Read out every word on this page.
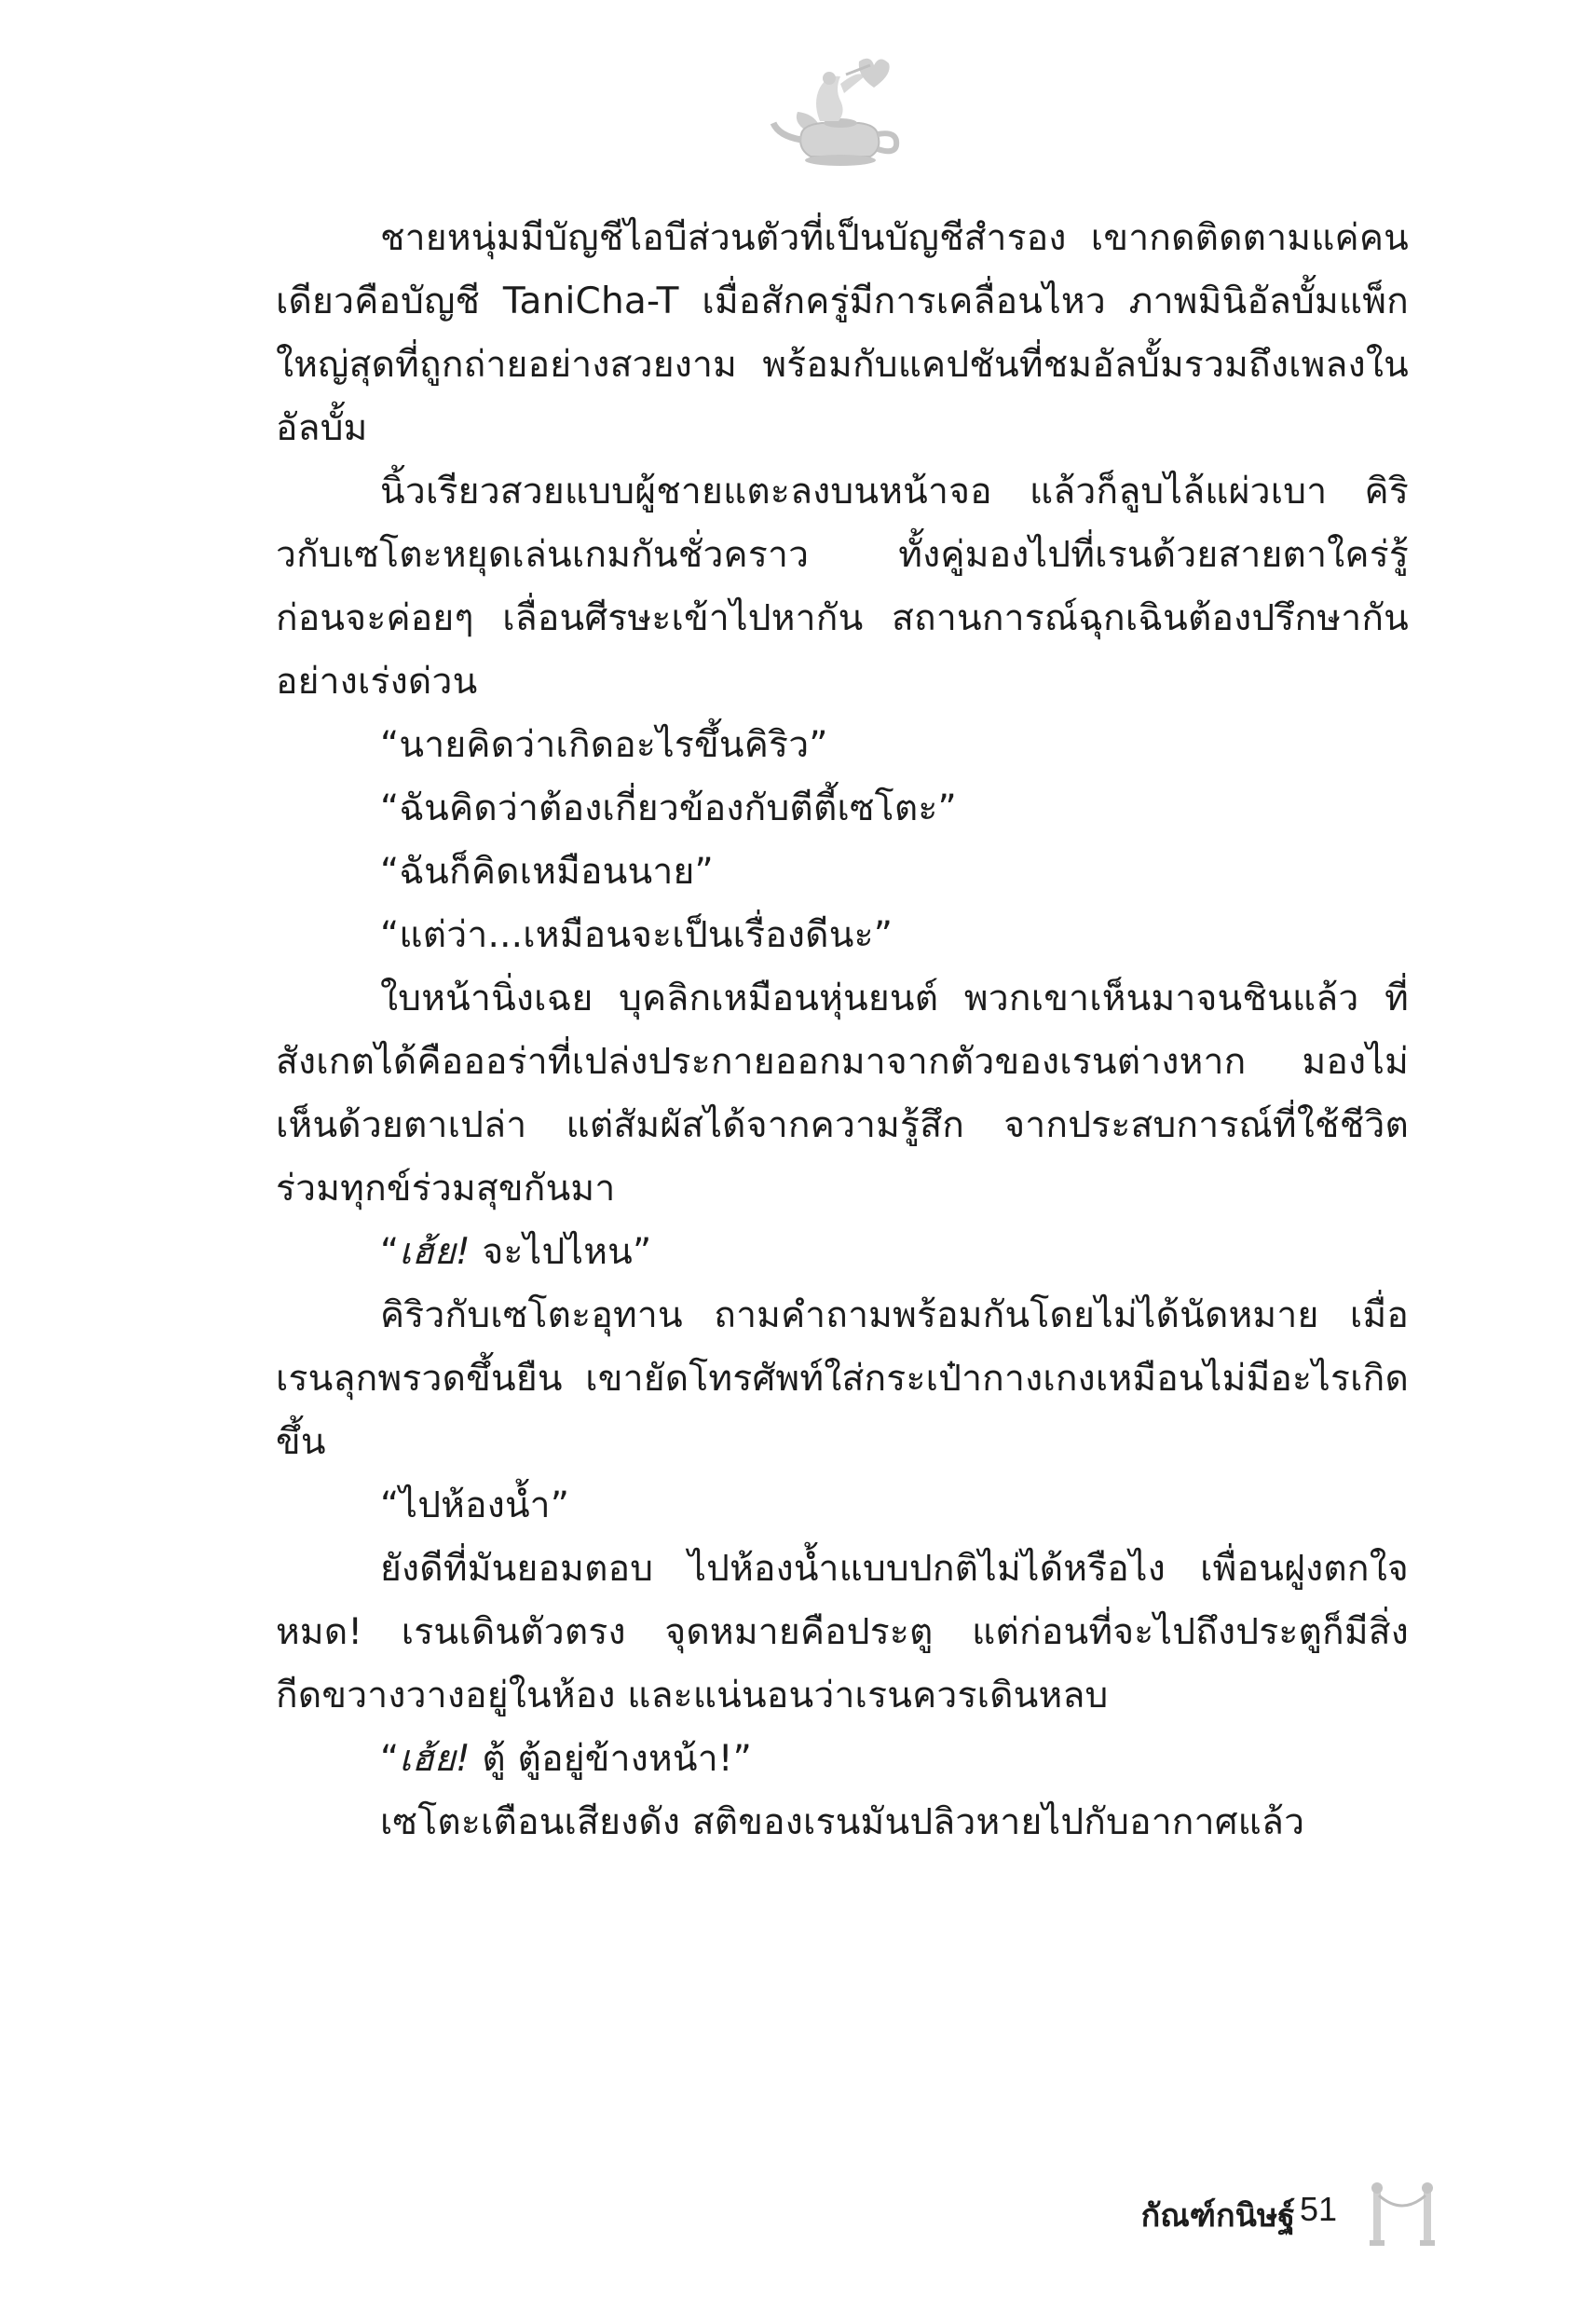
ชายหนุ่มมีบัญชีไอบีส่วนตัวที่เป็นบัญชีสำรอง เขากดติดตามแค่คนเดียวคือบัญชี TaniCha-T เมื่อสักครู่มีการเคลื่อนไหว ภาพมินิอัลบั้มแพ็กใหญ่สุดที่ถูกถ่ายอย่างสวยงาม พร้อมกับแคปชันที่ชมอัลบั้มรวมถึงเพลงในอัลบั้ม

นิ้วเรียวสวยแบบผู้ชายแตะลงบนหน้าจอ แล้วก็ลูบไล้แผ่วเบา คิริวกับเซโตะหยุดเล่นเกมกันชั่วคราว ทั้งคู่มองไปที่เรนด้วยสายตาใคร่รู้ ก่อนจะค่อยๆ เลื่อนศีรษะเข้าไปหากัน สถานการณ์ฉุกเฉินต้องปรึกษากันอย่างเร่งด่วน

“นายคิดว่าเกิดอะไรขึ้นคิริว”

“ฉันคิดว่าต้องเกี่ยวข้องกับตีตี้เซโตะ”

“ฉันก็คิดเหมือนนาย”

“แต่ว่า...เหมือนจะเป็นเรื่องดีนะ”

ใบหน้านิ่งเฉย บุคลิกเหมือนหุ่นยนต์ พวกเขาเห็นมาจนชินแล้ว ที่สังเกตได้คือออร่าที่เปล่งประกายออกมาจากตัวของเรนต่างหาก มองไม่เห็นด้วยตาเปล่า แต่สัมผัสได้จากความรู้สึก จากประสบการณ์ที่ใช้ชีวิตร่วมทุกข์ร่วมสุขกันมา

“เฮ้ย! จะไปไหน”

คิริวกับเซโตะอุทาน ถามคำถามพร้อมกันโดยไม่ได้นัดหมาย เมื่อเรนลุกพรวดขึ้นยืน เขายัดโทรศัพท์ใส่กระเป๋ากางเกงเหมือนไม่มีอะไรเกิดขึ้น

“ไปห้องน้ำ”

ยังดีที่มันยอมตอบ ไปห้องน้ำแบบปกติไม่ได้หรือไง เพื่อนฝูงตกใจหมด! เรนเดินตัวตรง จุดหมายคือประตู แต่ก่อนที่จะไปถึงประตูก็มีสิ่งกีดขวางวางอยู่ในห้อง และแน่นอนว่าเรนควรเดินหลบ

“เฮ้ย! ตู้ ตู้อยู่ข้างหน้า!”

เซโตะเตือนเสียงดัง สติของเรนมันปลิวหายไปกับอากาศแล้ว

กัณฑ์กนิษฐ์ 51
